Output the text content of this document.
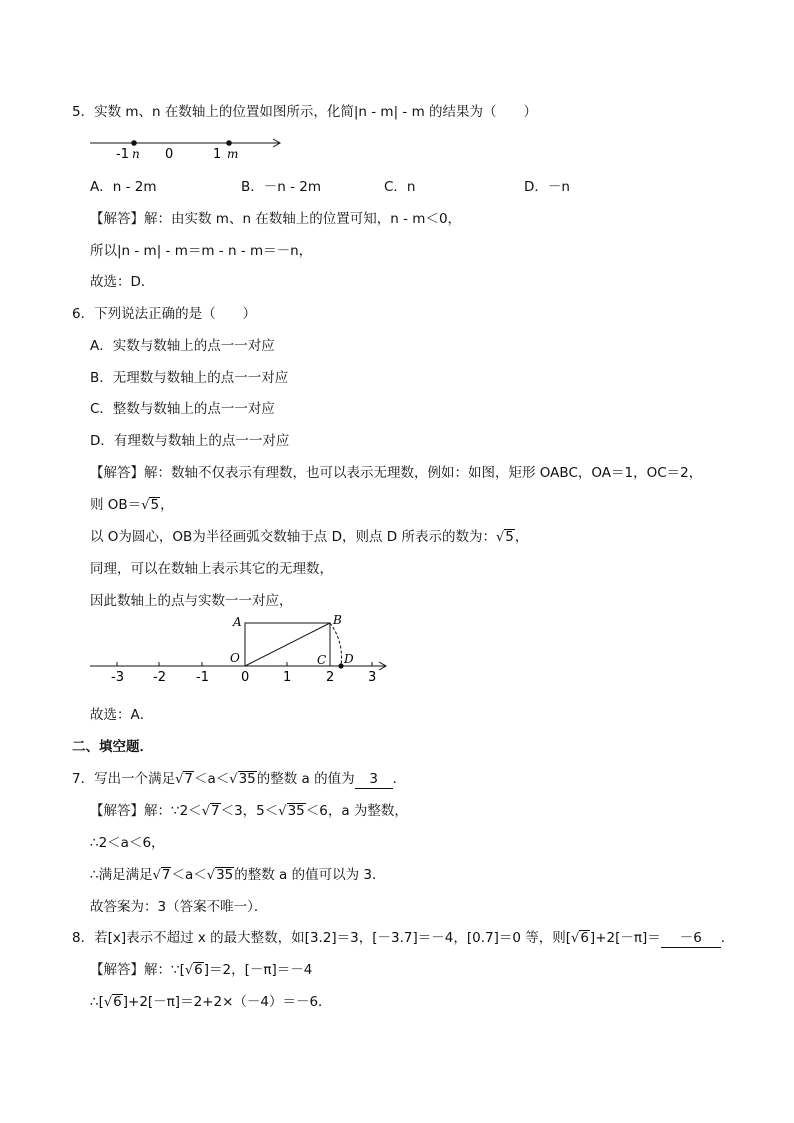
5．实数 m、n 在数轴上的位置如图所示，化简|n - m| - m 的结果为（　　）
-1 n 0	1 m
A．n - 2m	B．－n - 2m	C．n	D．－n
【解答】解：由实数 m、n 在数轴上的位置可知，n - m＜0，
所以|n - m| - m＝m - n - m＝－n，
故选：D．
6．下列说法正确的是（　　）
A．实数与数轴上的点一一对应
B．无理数与数轴上的点一一对应
C．整数与数轴上的点一一对应
D．有理数与数轴上的点一一对应
【解答】解：数轴不仅表示有理数，也可以表示无理数，例如：如图，矩形 OABC，OA＝1，OC＝2，
则 OB＝√5，
以 O为圆心，OB为半径画弧交数轴于点 D，则点 D 所表示的数为：√5，
同理，可以在数轴上表示其它的无理数，
因此数轴上的点与实数一一对应，
-3 -2 -1 0	1	2	3
A	B
O	C D
故选：A．
二、填空题．
7．写出一个满足√7＜a＜√35的整数 a 的值为 3 ．
【解答】解：∵2＜√7＜3，5＜√35＜6，a 为整数，
∴2＜a＜6，
∴满足满足√7＜a＜√35的整数 a 的值可以为 3．
故答案为：3（答案不唯一）．
8．若[x]表示不超过 x 的最大整数，如[3.2]＝3，[－3.7]＝－4，[0.7]＝0 等，则[√6]+2[－π]＝ －6 ．
【解答】解：∵[√6]＝2，[－π]＝－4
∴[√6]+2[－π]＝2+2×（－4）＝－6．
